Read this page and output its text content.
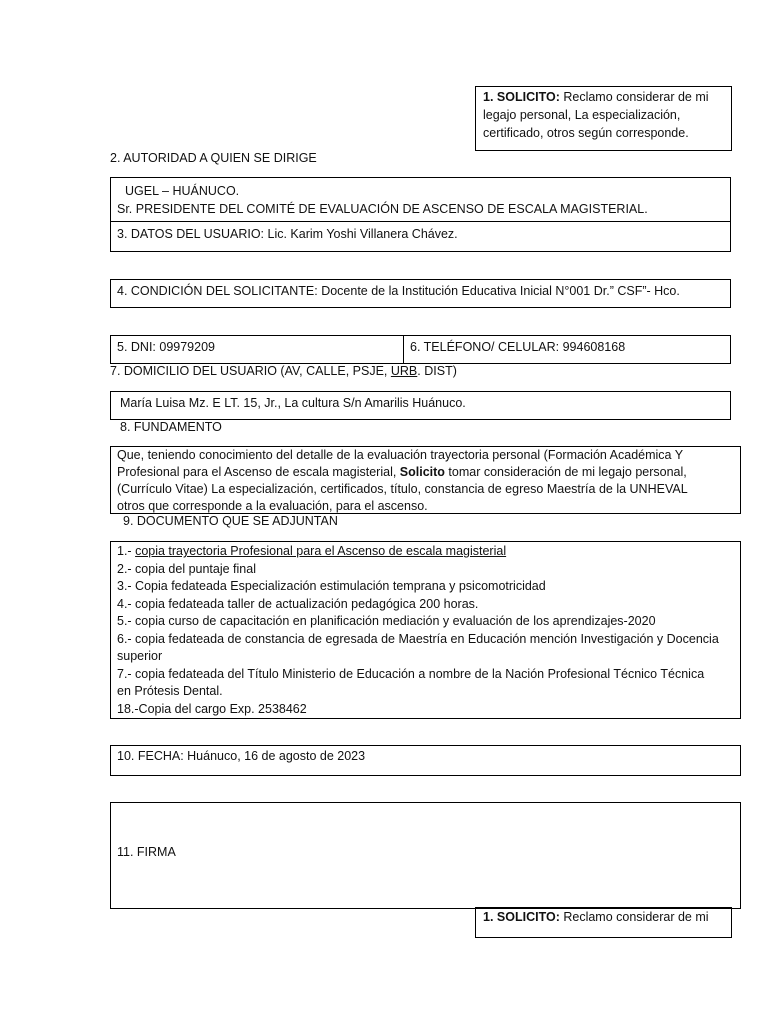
1. SOLICITO: Reclamo considerar de mi
legajo personal, La especialización,
certificado, otros según corresponde.
2. AUTORIDAD A QUIEN SE DIRIGE
UGEL – HUÁNUCO.
Sr. PRESIDENTE DEL COMITÉ DE EVALUACIÓN DE ASCENSO DE ESCALA MAGISTERIAL.
3. DATOS DEL USUARIO: Lic. Karim Yoshi Villanera Chávez.
4. CONDICIÓN DEL SOLICITANTE: Docente de la Institución Educativa Inicial N°001 Dr.” CSF”- Hco.
5. DNI: 09979209	6. TELÉFONO/ CELULAR: 994608168
7. DOMICILIO DEL USUARIO (AV, CALLE, PSJE, URB. DIST)
María Luisa Mz. E LT. 15, Jr., La cultura S/n Amarilis Huánuco.
8. FUNDAMENTO
Que, teniendo conocimiento del detalle de la evaluación trayectoria personal (Formación Académica Y
Profesional para el Ascenso de escala magisterial, Solicito tomar consideración de mi legajo personal,
(Currículo Vitae) La especialización, certificados, título, constancia de egreso Maestría de la UNHEVAL
otros que corresponde a la evaluación, para el ascenso.
9. DOCUMENTO QUE SE ADJUNTAN
1.- copia trayectoria Profesional para el Ascenso de escala magisterial
2.- copia del puntaje final
3.- Copia fedateada Especialización estimulación temprana y psicomotricidad
4.- copia fedateada taller de actualización pedagógica 200 horas.
5.- copia curso de capacitación en planificación mediación y evaluación de los aprendizajes-2020
6.- copia fedateada de constancia de egresada de Maestría en Educación mención Investigación y Docencia
superior
7.- copia fedateada del Título Ministerio de Educación a nombre de la Nación Profesional Técnico Técnica
en Prótesis Dental.
18.-Copia del cargo Exp. 2538462
10. FECHA: Huánuco, 16 de agosto de 2023
11. FIRMA
1. SOLICITO: Reclamo considerar de mi
